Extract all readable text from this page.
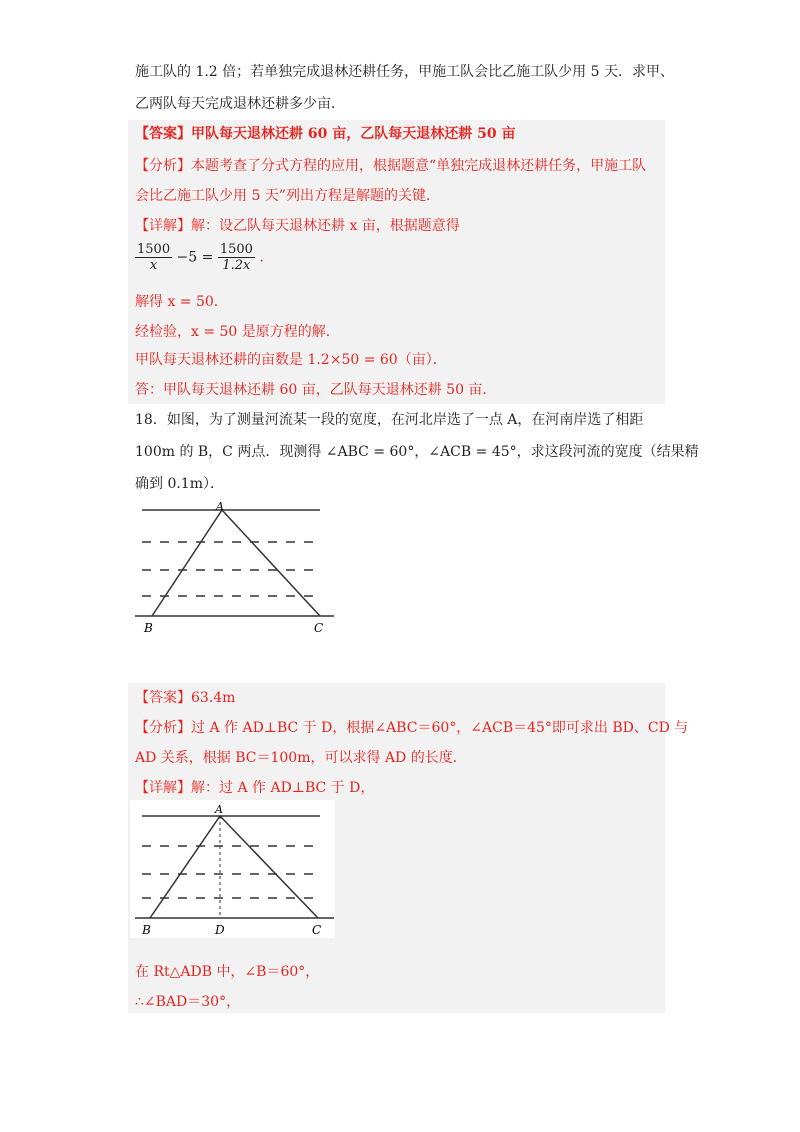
施工队的 1.2 倍；若单独完成退林还耕任务，甲施工队会比乙施工队少用 5 天．求甲、
乙两队每天完成退林还耕多少亩．
【答案】甲队每天退林还耕 60 亩，乙队每天退林还耕 50 亩
【分析】本题考查了分式方程的应用，根据题意“单独完成退林还耕任务，甲施工队
会比乙施工队少用 5 天”列出方程是解题的关键．
【详解】解：设乙队每天退林还耕 x 亩，根据题意得
$\frac{1500}{x} -5 = \frac{1500}{1.2x}$ .
解得 x = 50．
经检验，x = 50 是原方程的解．
甲队每天退林还耕的亩数是 1.2×50 = 60（亩）．
答：甲队每天退林还耕 60 亩，乙队每天退林还耕 50 亩．
18．如图，为了测量河流某一段的宽度，在河北岸选了一点 A，在河南岸选了相距
100m 的 B，C 两点．现测得 ∠ABC = 60°，∠ACB = 45°，求这段河流的宽度（结果精
确到 0.1m）．
A
B	C
【答案】63.4m
【分析】过 A 作 AD⊥BC 于 D，根据∠ABC＝60°，∠ACB＝45°即可求出 BD、CD 与
AD 关系，根据 BC＝100m，可以求得 AD 的长度．
【详解】解：过 A 作 AD⊥BC 于 D，
A
B	D	C
在 Rt△ADB 中，∠B＝60°，
∴∠BAD＝30°，
